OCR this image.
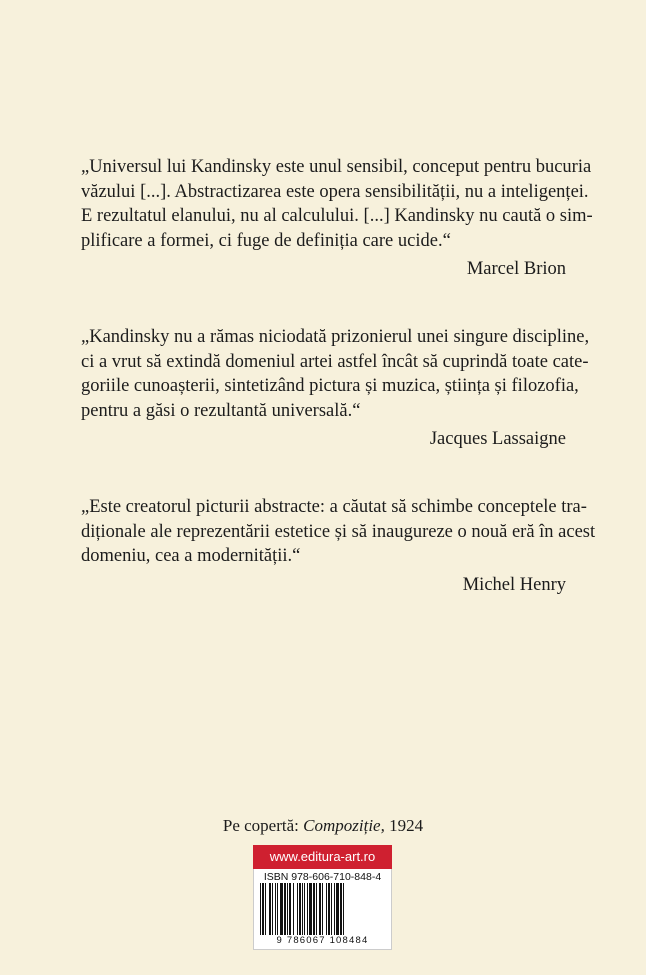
„Universul lui Kandinsky este unul sensibil, conceput pentru bucuria
văzului [...]. Abstractizarea este opera sensibilității, nu a inteligenței.
E rezultatul elanului, nu al calculului. [...] Kandinsky nu caută o sim-
plificare a formei, ci fuge de definiția care ucide.“
Marcel Brion
„Kandinsky nu a rămas niciodată prizonierul unei singure discipline,
ci a vrut să extindă domeniul artei astfel încât să cuprindă toate cate-
goriile cunoașterii, sintetizând pictura și muzica, știința și filozofia,
pentru a găsi o rezultantă universală.“
Jacques Lassaigne
„Este creatorul picturii abstracte: a căutat să schimbe conceptele tra-
diționale ale reprezentării estetice și să inaugureze o nouă eră în acest
domeniu, cea a modernității.“
Michel Henry
Pe copertă: Compoziție, 1924
www.editura-art.ro
ISBN 978-606-710-848-4
9 786067 108484
